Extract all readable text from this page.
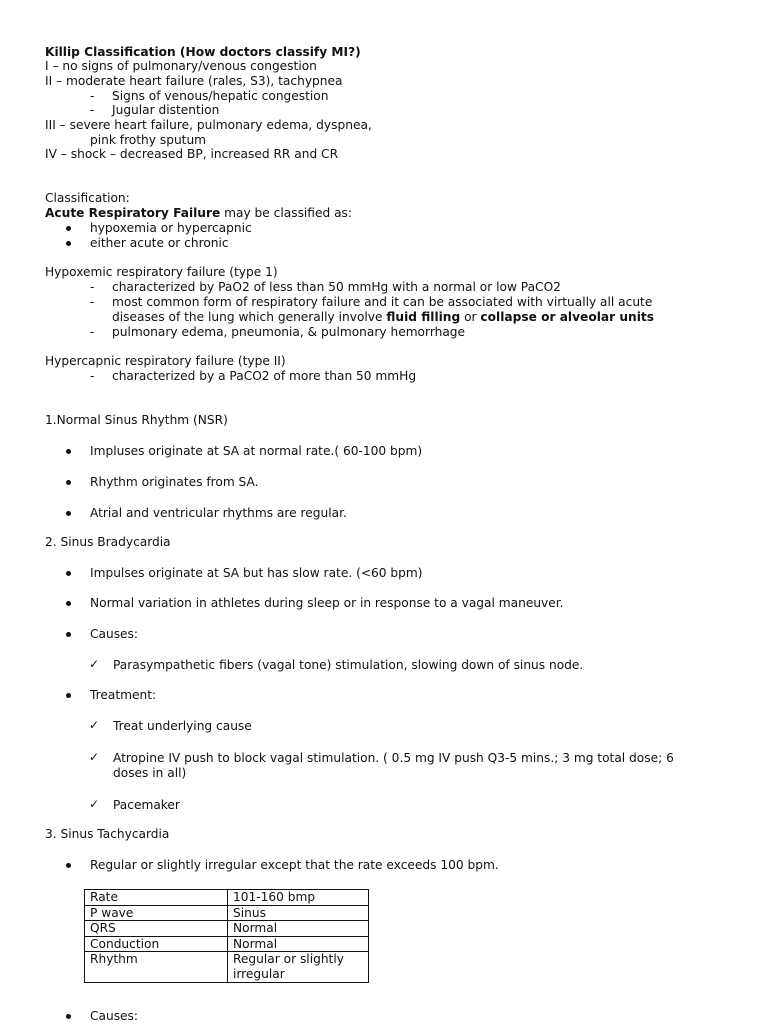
Killip Classification (How doctors classify MI?)
I – no signs of pulmonary/venous congestion
II – moderate heart failure (rales, S3), tachypnea
- Signs of venous/hepatic congestion
- Jugular distention
III – severe heart failure, pulmonary edema, dyspnea,
pink frothy sputum
IV – shock – decreased BP, increased RR and CR
Classification:
Acute Respiratory Failure may be classified as:
hypoxemia or hypercapnic
either acute or chronic
Hypoxemic respiratory failure (type 1)
- characterized by PaO2 of less than 50 mmHg with a normal or low PaCO2
- most common form of respiratory failure and it can be associated with virtually all acute
diseases of the lung which generally involve fluid filling or collapse or alveolar units
- pulmonary edema, pneumonia, & pulmonary hemorrhage
Hypercapnic respiratory failure (type II)
- characterized by a PaCO2 of more than 50 mmHg
1.Normal Sinus Rhythm (NSR)
Impluses originate at SA at normal rate.( 60-100 bpm)
Rhythm originates from SA.
Atrial and ventricular rhythms are regular.
2. Sinus Bradycardia
Impulses originate at SA but has slow rate. (<60 bpm)
Normal variation in athletes during sleep or in response to a vagal maneuver.
Causes:
✓ Parasympathetic fibers (vagal tone) stimulation, slowing down of sinus node.
Treatment:
✓ Treat underlying cause
✓ Atropine IV push to block vagal stimulation. ( 0.5 mg IV push Q3-5 mins.; 3 mg total dose; 6
doses in all)
✓ Pacemaker
3. Sinus Tachycardia
Regular or slightly irregular except that the rate exceeds 100 bpm.
Rate	101-160 bmp
P wave	Sinus
QRS	Normal
Conduction	Normal
Rhythm	Regular or slightly irregular
Causes:
